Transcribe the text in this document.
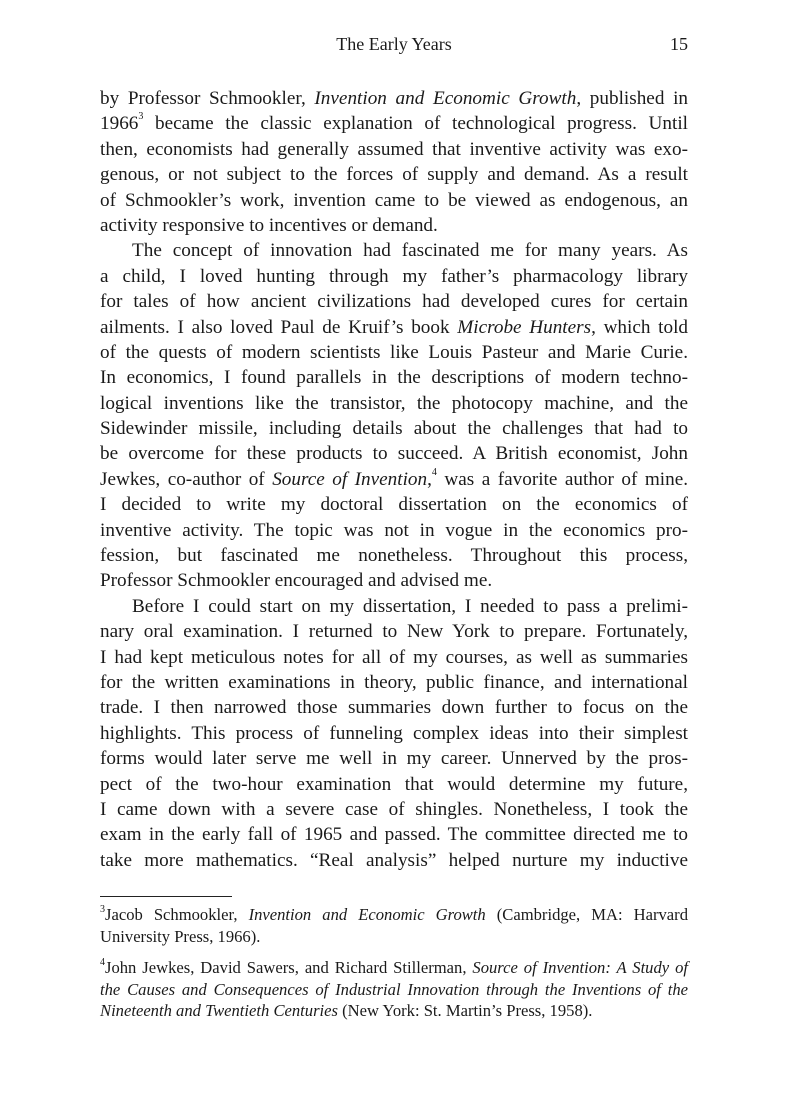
The Early Years	15
by Professor Schmookler, Invention and Economic Growth, published in
1966$^3$ became the classic explanation of technological progress. Until
then, economists had generally assumed that inventive activity was exo-
genous, or not subject to the forces of supply and demand. As a result
of Schmookler’s work, invention came to be viewed as endogenous, an
activity responsive to incentives or demand.
The concept of innovation had fascinated me for many years. As
a child, I loved hunting through my father’s pharmacology library
for tales of how ancient civilizations had developed cures for certain
ailments. I also loved Paul de Kruif’s book Microbe Hunters, which told
of the quests of modern scientists like Louis Pasteur and Marie Curie.
In economics, I found parallels in the descriptions of modern techno-
logical inventions like the transistor, the photocopy machine, and the
Sidewinder missile, including details about the challenges that had to
be overcome for these products to succeed. A British economist, John
Jewkes, co-author of Source of Invention,$^4$ was a favorite author of mine.
I decided to write my doctoral dissertation on the economics of
inventive activity. The topic was not in vogue in the economics pro-
fession, but fascinated me nonetheless. Throughout this process,
Professor Schmookler encouraged and advised me.
Before I could start on my dissertation, I needed to pass a prelimi-
nary oral examination. I returned to New York to prepare. Fortunately,
I had kept meticulous notes for all of my courses, as well as summaries
for the written examinations in theory, public finance, and international
trade. I then narrowed those summaries down further to focus on the
highlights. This process of funneling complex ideas into their simplest
forms would later serve me well in my career. Unnerved by the pros-
pect of the two-hour examination that would determine my future,
I came down with a severe case of shingles. Nonetheless, I took the
exam in the early fall of 1965 and passed. The committee directed me to
take more mathematics. “Real analysis” helped nurture my inductive
$^3$Jacob Schmookler, Invention and Economic Growth (Cambridge, MA: Harvard University Press, 1966).
$^4$John Jewkes, David Sawers, and Richard Stillerman, Source of Invention: A Study of the Causes and Consequences of Industrial Innovation through the Inventions of the Nineteenth and Twentieth Centuries (New York: St. Martin’s Press, 1958).
